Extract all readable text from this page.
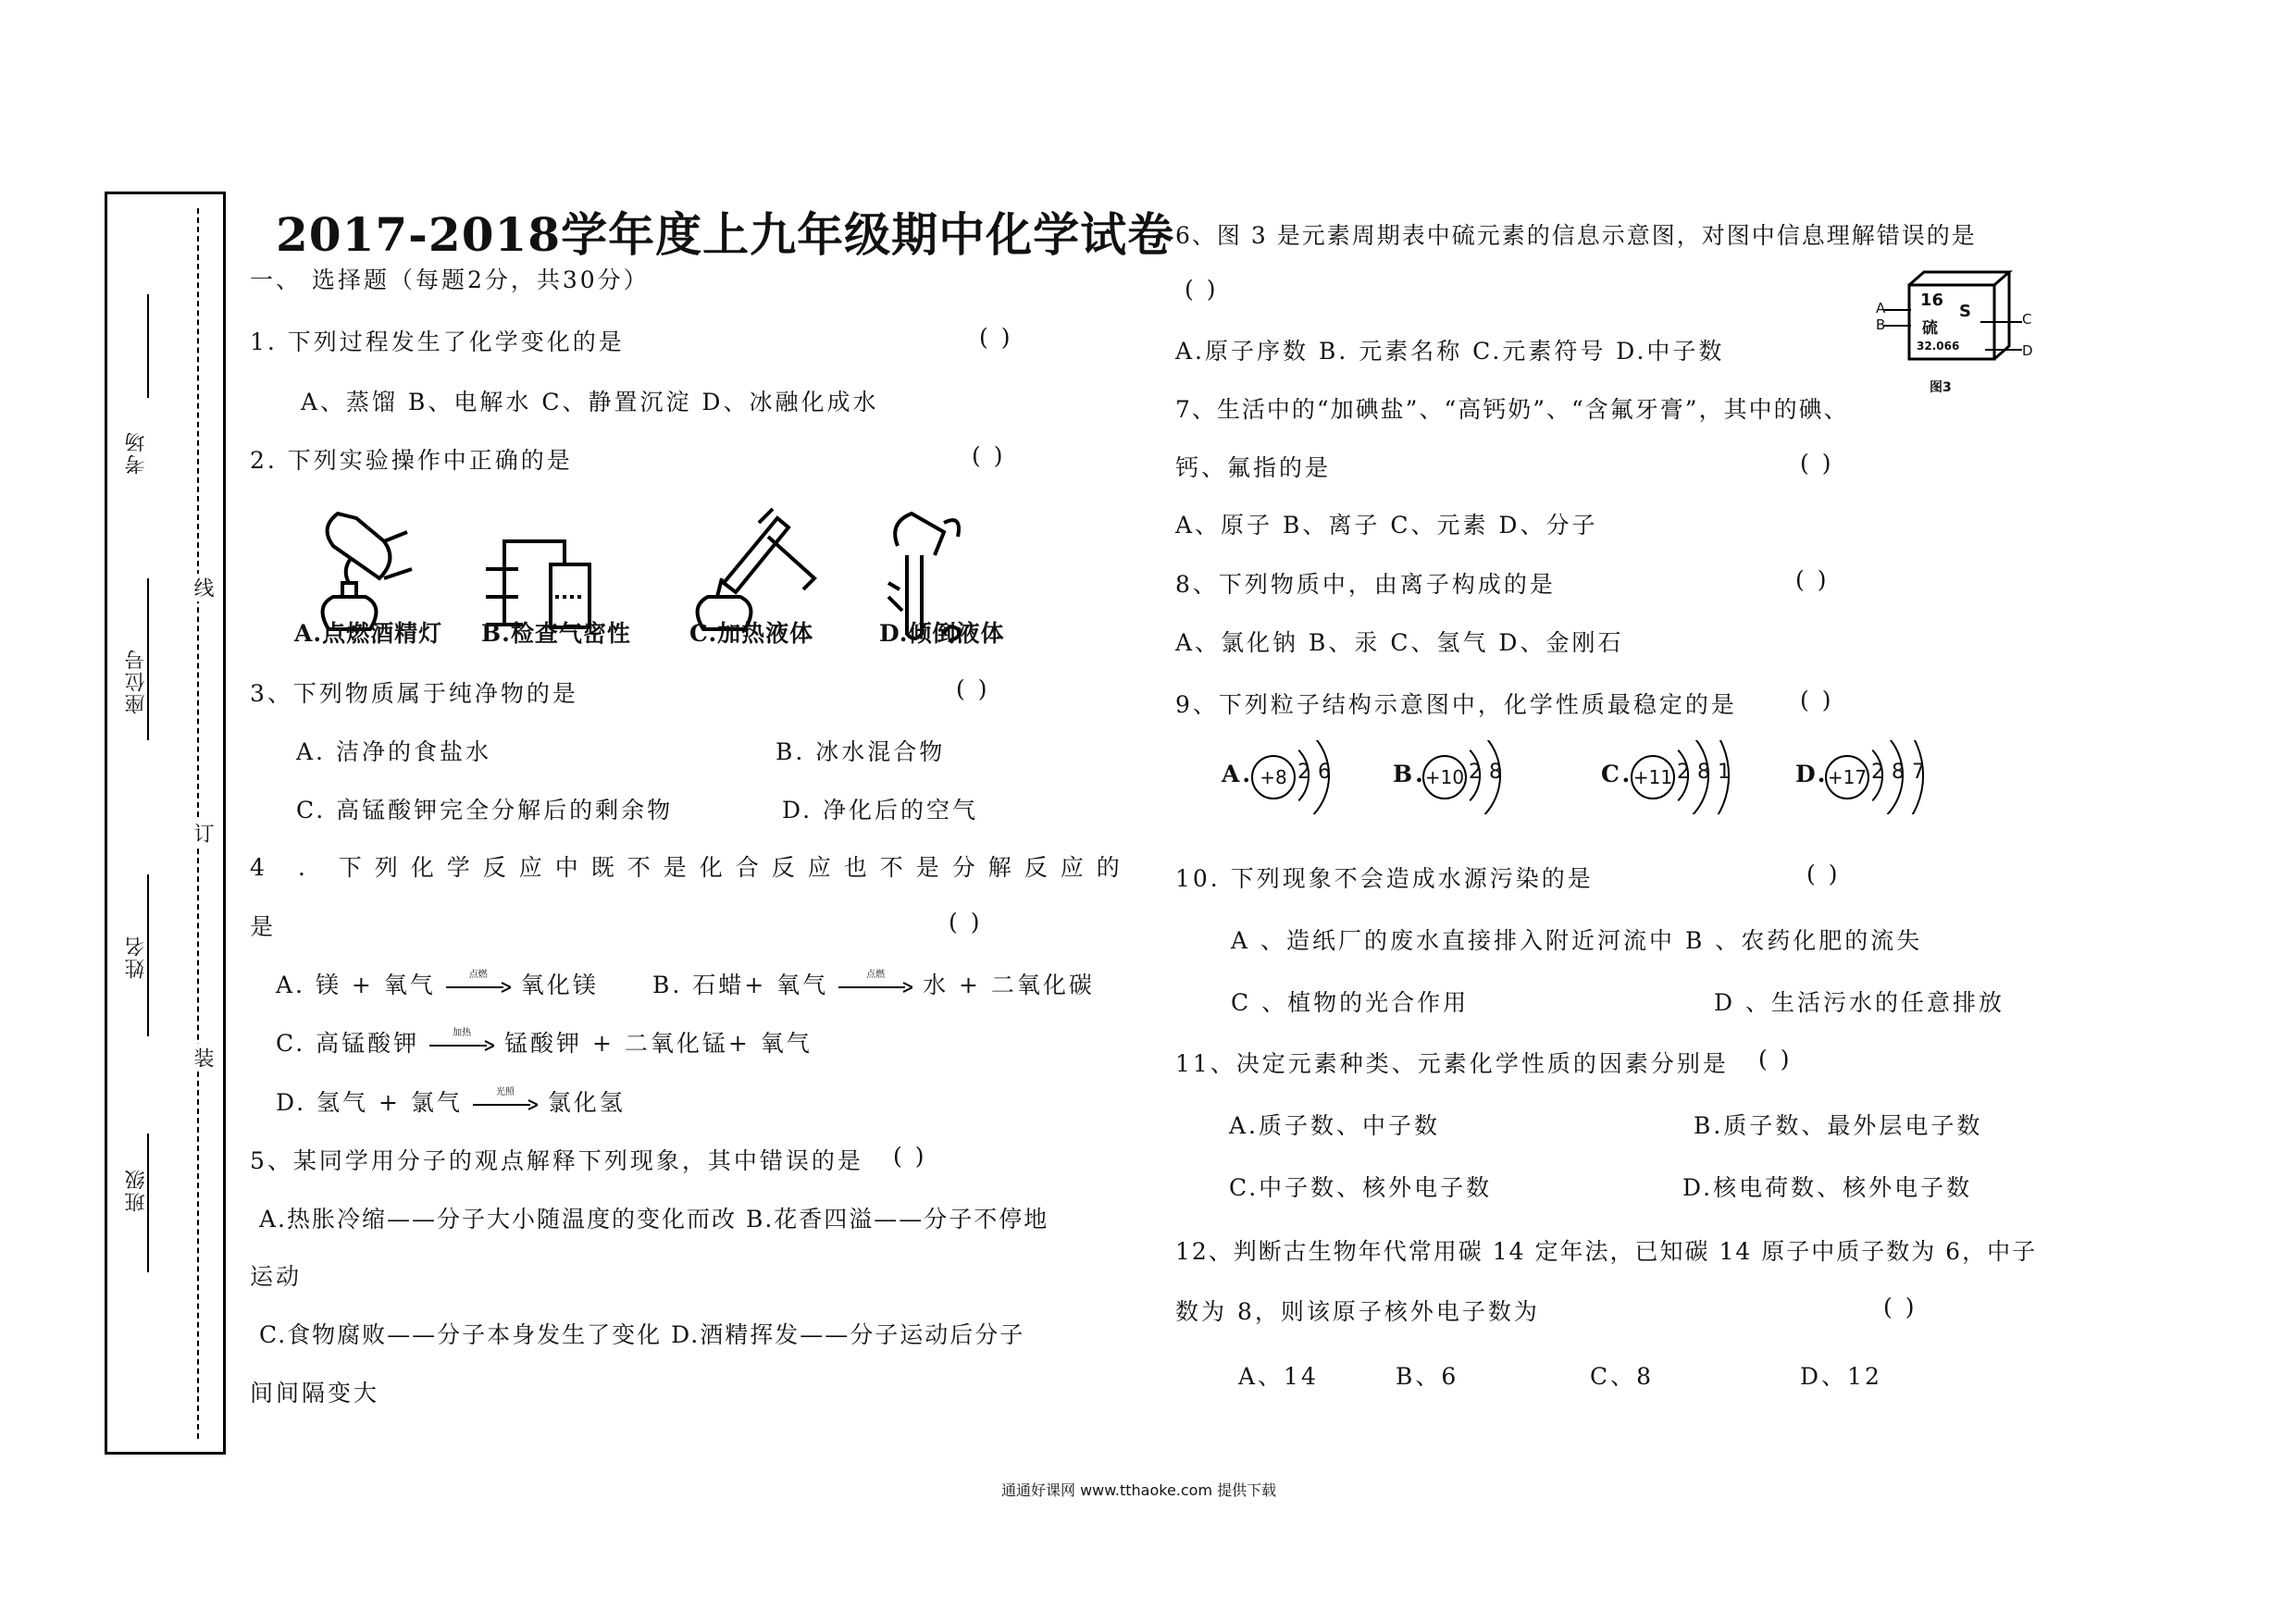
考场
座位号
姓名
班级
线
订
装
2017-2018学年度上九年级期中化学试卷
一、 选择题（每题2分，共30分）
1. 下列过程发生了化学变化的是	( )
A、蒸馏 B、电解水 C、静置沉淀 D、冰融化成水
2. 下列实验操作中正确的是	( )
A.点燃酒精灯 B.检查气密性	C.加热液体	D.倾倒液体
3、下列物质属于纯净物的是	( )
A. 洁净的食盐水	B. 冰水混合物
C. 高锰酸钾完全分解后的剩余物	D. 净化后的空气
4 . 下列化学反应中既不是化合反应也不是分解反应的
是	( )
A. 镁 + 氧气	点燃	氧化镁 B. 石蜡+ 氧气	点燃	水 + 二氧化碳
C. 高锰酸钾	加热	锰酸钾 + 二氧化锰+ 氧气
D. 氢气 + 氯气	光照	氯化氢
5、某同学用分子的观点解释下列现象，其中错误的是 ( )
A.热胀冷缩——分子大小随温度的变化而改 B.花香四溢——分子不停地
运动
C.食物腐败——分子本身发生了变化 D.酒精挥发——分子运动后分子
间间隔变大
6、图 3 是元素周期表中硫元素的信息示意图，对图中信息理解错误的是
( )
A.原子序数 B. 元素名称 C.元素符号 D.中子数
A
B	C
D
16
S
硫
32.066
图3
7、生活中的“加碘盐”、“高钙奶”、“含氟牙膏”，其中的碘、
钙、氟指的是	( )
A、原子 B、离子 C、元素 D、分子
8、下列物质中，由离子构成的是	( )
A、氯化钠 B、汞 C、氢气 D、金刚石
9、下列粒子结构示意图中，化学性质最稳定的是	( )
A. +8 2 6	B. +10 2 8	C. +11 2 8 1	D. +17 2 8 7
10. 下列现象不会造成水源污染的是	( )
A 、造纸厂的废水直接排入附近河流中 B 、农药化肥的流失
C 、植物的光合作用	D 、生活污水的任意排放
11、决定元素种类、元素化学性质的因素分别是 ( )
A.质子数、中子数	B.质子数、最外层电子数
C.中子数、核外电子数	D.核电荷数、核外电子数
12、判断古生物年代常用碳 14 定年法，已知碳 14 原子中质子数为 6，中子
数为 8，则该原子核外电子数为	( )
A、14	B、6	C、8	D、12
通通好课网 www.tthaoke.com 提供下载
